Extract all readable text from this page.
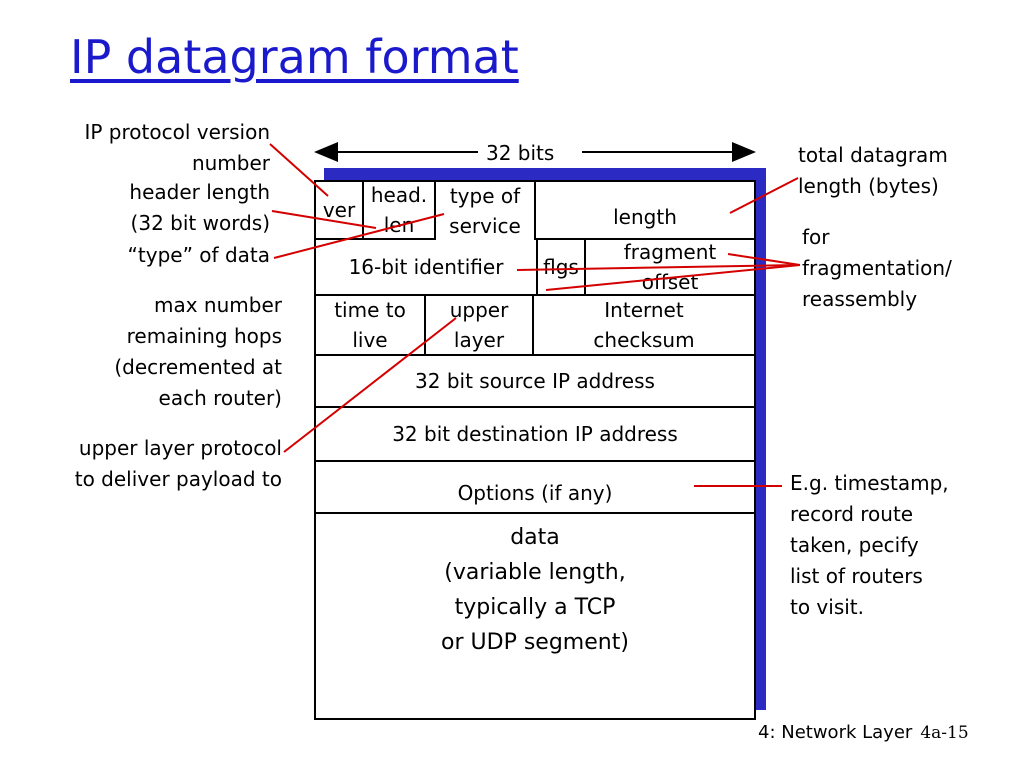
IP datagram format
32 bits
ver
head.
len
type of
service	length
16-bit identifier	flgs
fragment
offset
time to
live
upper
layer
Internet
checksum
32 bit source IP address
32 bit destination IP address
Options (if any)
data
(variable length,
typically a TCP
or UDP segment)
IP protocol version
number
header length
(32 bit words)
“type” of data
max number
remaining hops
(decremented at
each router)
upper layer protocol
to deliver payload to
total datagram
length (bytes)
for
fragmentation/
reassembly
E.g. timestamp,
record route
taken, pecify
list of routers
to visit.
4: Network Layer 4a-15
